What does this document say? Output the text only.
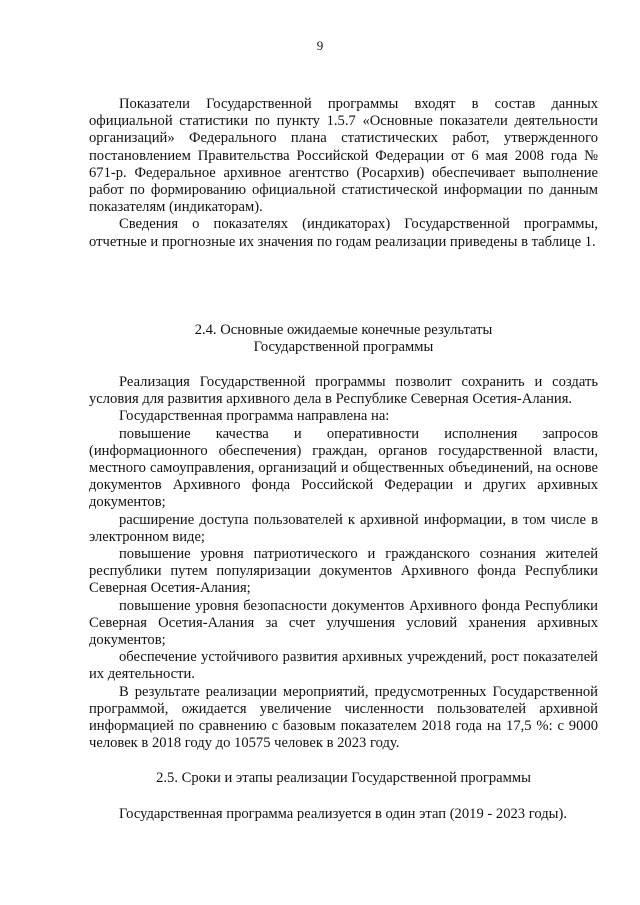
9

Показатели Государственной программы входят в состав данных официальной статистики по пункту 1.5.7 «Основные показатели деятельности организаций» Федерального плана статистических работ, утвержденного постановлением Правительства Российской Федерации от 6 мая 2008 года № 671-р. Федеральное архивное агентство (Росархив) обеспечивает выполнение работ по формированию официальной статистической информации по данным показателям (индикаторам).

Сведения о показателях (индикаторах) Государственной программы, отчетные и прогнозные их значения по годам реализации приведены в таблице 1.

2.4. Основные ожидаемые конечные результаты

Государственной программы

Реализация Государственной программы позволит сохранить и создать условия для развития архивного дела в Республике Северная Осетия-Алания.

Государственная программа направлена на:

повышение качества и оперативности исполнения запросов (информационного обеспечения) граждан, органов государственной власти, местного самоуправления, организаций и общественных объединений, на основе документов Архивного фонда Российской Федерации и других архивных документов;

расширение доступа пользователей к архивной информации, в том числе в электронном виде;

повышение уровня патриотического и гражданского сознания жителей республики путем популяризации документов Архивного фонда Республики Северная Осетия-Алания;

повышение уровня безопасности документов Архивного фонда Республики Северная Осетия-Алания за счет улучшения условий хранения архивных документов;

обеспечение устойчивого развития архивных учреждений, рост показателей их деятельности.

В результате реализации мероприятий, предусмотренных Государственной программой, ожидается увеличение численности пользователей архивной информацией по сравнению с базовым показателем 2018 года на 17,5 %: с 9000 человек в 2018 году до 10575 человек в 2023 году.

2.5. Сроки и этапы реализации Государственной программы

Государственная программа реализуется в один этап (2019 - 2023 годы).
